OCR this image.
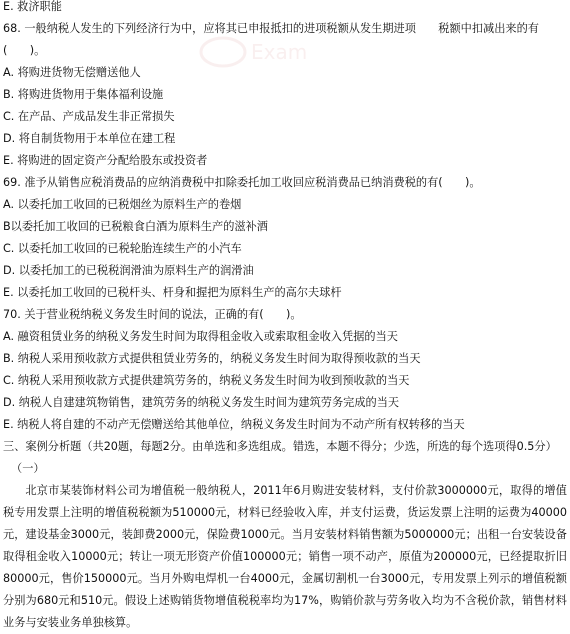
Exam
E. 救济职能
68. 一般纳税人发生的下列经济行为中，应将其已申报抵扣的进项税额从发生期进项　　税额中扣减出来的有(　　)。
A. 将购进货物无偿赠送他人
B. 将购进货物用于集体福利设施
C. 在产品、产成品发生非正常损失
D. 将自制货物用于本单位在建工程
E. 将购进的固定资产分配给股东或投资者
69. 准予从销售应税消费品的应纳消费税中扣除委托加工收回应税消费品已纳消费税的有(　　)。
A. 以委托加工收回的已税烟丝为原料生产的卷烟
B以委托加工收回的已税粮食白酒为原料生产的滋补酒
C. 以委托加工收回的已税轮胎连续生产的小汽车
D. 以委托加工的已税税润滑油为原料生产的润滑油
E. 以委托加工收回的已税杆头、杆身和握把为原料生产的高尔夫球杆
70. 关于营业税纳税义务发生时间的说法，正确的有(　　)。
A. 融资租赁业务的纳税义务发生时间为取得租金收入或索取租金收入凭据的当天
B. 纳税人采用预收款方式提供租赁业劳务的，纳税义务发生时间为取得预收款的当天
C. 纳税人采用预收款方式提供建筑劳务的，纳税义务发生时间为收到预收款的当天
D. 纳税人自建建筑物销售，建筑劳务的纳税义务发生时间为建筑劳务完成的当天
E. 纳税人将自建的不动产无偿赠送给其他单位，纳税义务发生时间为不动产所有权转移的当天
三、案例分析题（共20题，每题2分。由单选和多选组成。错选，本题不得分；少选，所选的每个选项得0.5分）
（一）
北京市某装饰材料公司为增值税一般纳税人，2011年6月购进安装材料，支付价款3000000元，取得的增值税专用发票上注明的增值税税额为510000元，材料已经验收入库，并支付运费，货运发票上注明的运费为40000元，建设基金3000元，装卸费2000元，保险费1000元。当月安装材料销售额为5000000元；出租一台安装设备取得租金收入10000元；转让一项无形资产价值100000元；销售一项不动产，原值为200000元，已经提取折旧80000元，售价150000元。当月外购电焊机一台4000元，金属切割机一台3000元，专用发票上列示的增值税额分别为680元和510元。假设上述购销货物增值税税率均为17%，购销价款与劳务收入均为不含税价款，销售材料业务与安装业务单独核算。
